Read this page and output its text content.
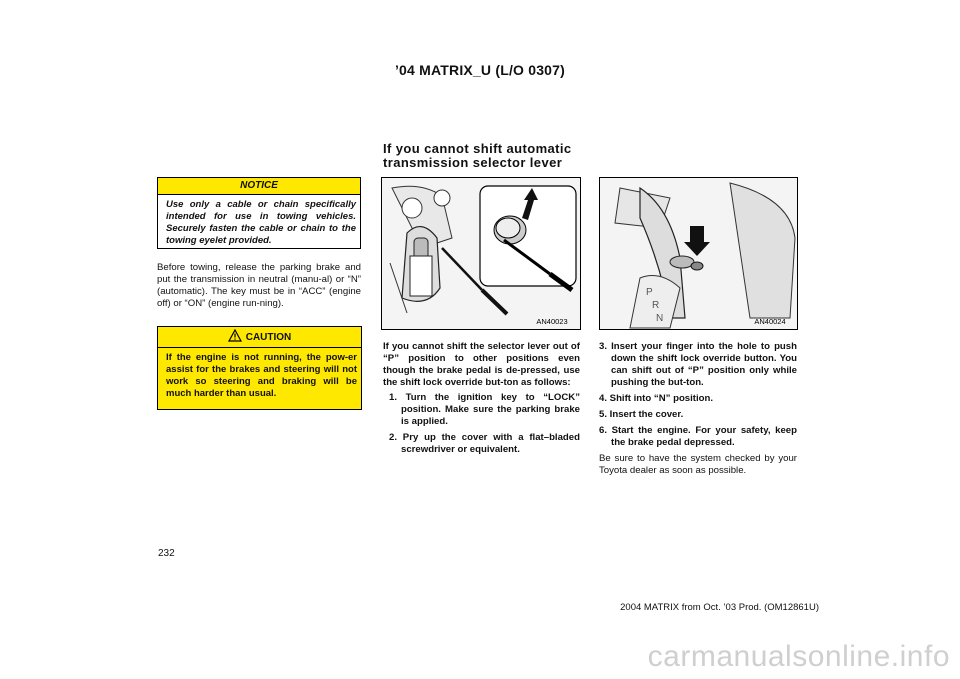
’04 MATRIX_U (L/O 0307)
If you cannot shift automatic
transmission selector lever
NOTICE
Use only a cable or chain specifically intended for use in towing vehicles. Securely fasten the cable or chain to the towing eyelet provided.
Before towing, release the parking brake and put the transmission in neutral (manu-al) or “N” (automatic). The key must be in “ACC” (engine off) or “ON” (engine run-ning).
CAUTION
If the engine is not running, the pow-er assist for the brakes and steering will not work so steering and braking will be much harder than usual.
AN40023
P
R
N	AN40024
If you cannot shift the selector lever out of “P” position to other positions even though the brake pedal is de-pressed, use the shift lock override but-ton as follows:
1. Turn the ignition key to “LOCK” position. Make sure the parking brake is applied.
2. Pry up the cover with a flat–bladed screwdriver or equivalent.
3. Insert your finger into the hole to push down the shift lock override button. You can shift out of “P” position only while pushing the but-ton.
4. Shift into “N” position.
5. Insert the cover.
6. Start the engine. For your safety, keep the brake pedal depressed.
Be sure to have the system checked by your Toyota dealer as soon as possible.
232
2004 MATRIX from Oct. ’03 Prod. (OM12861U)
carmanualsonline.info
